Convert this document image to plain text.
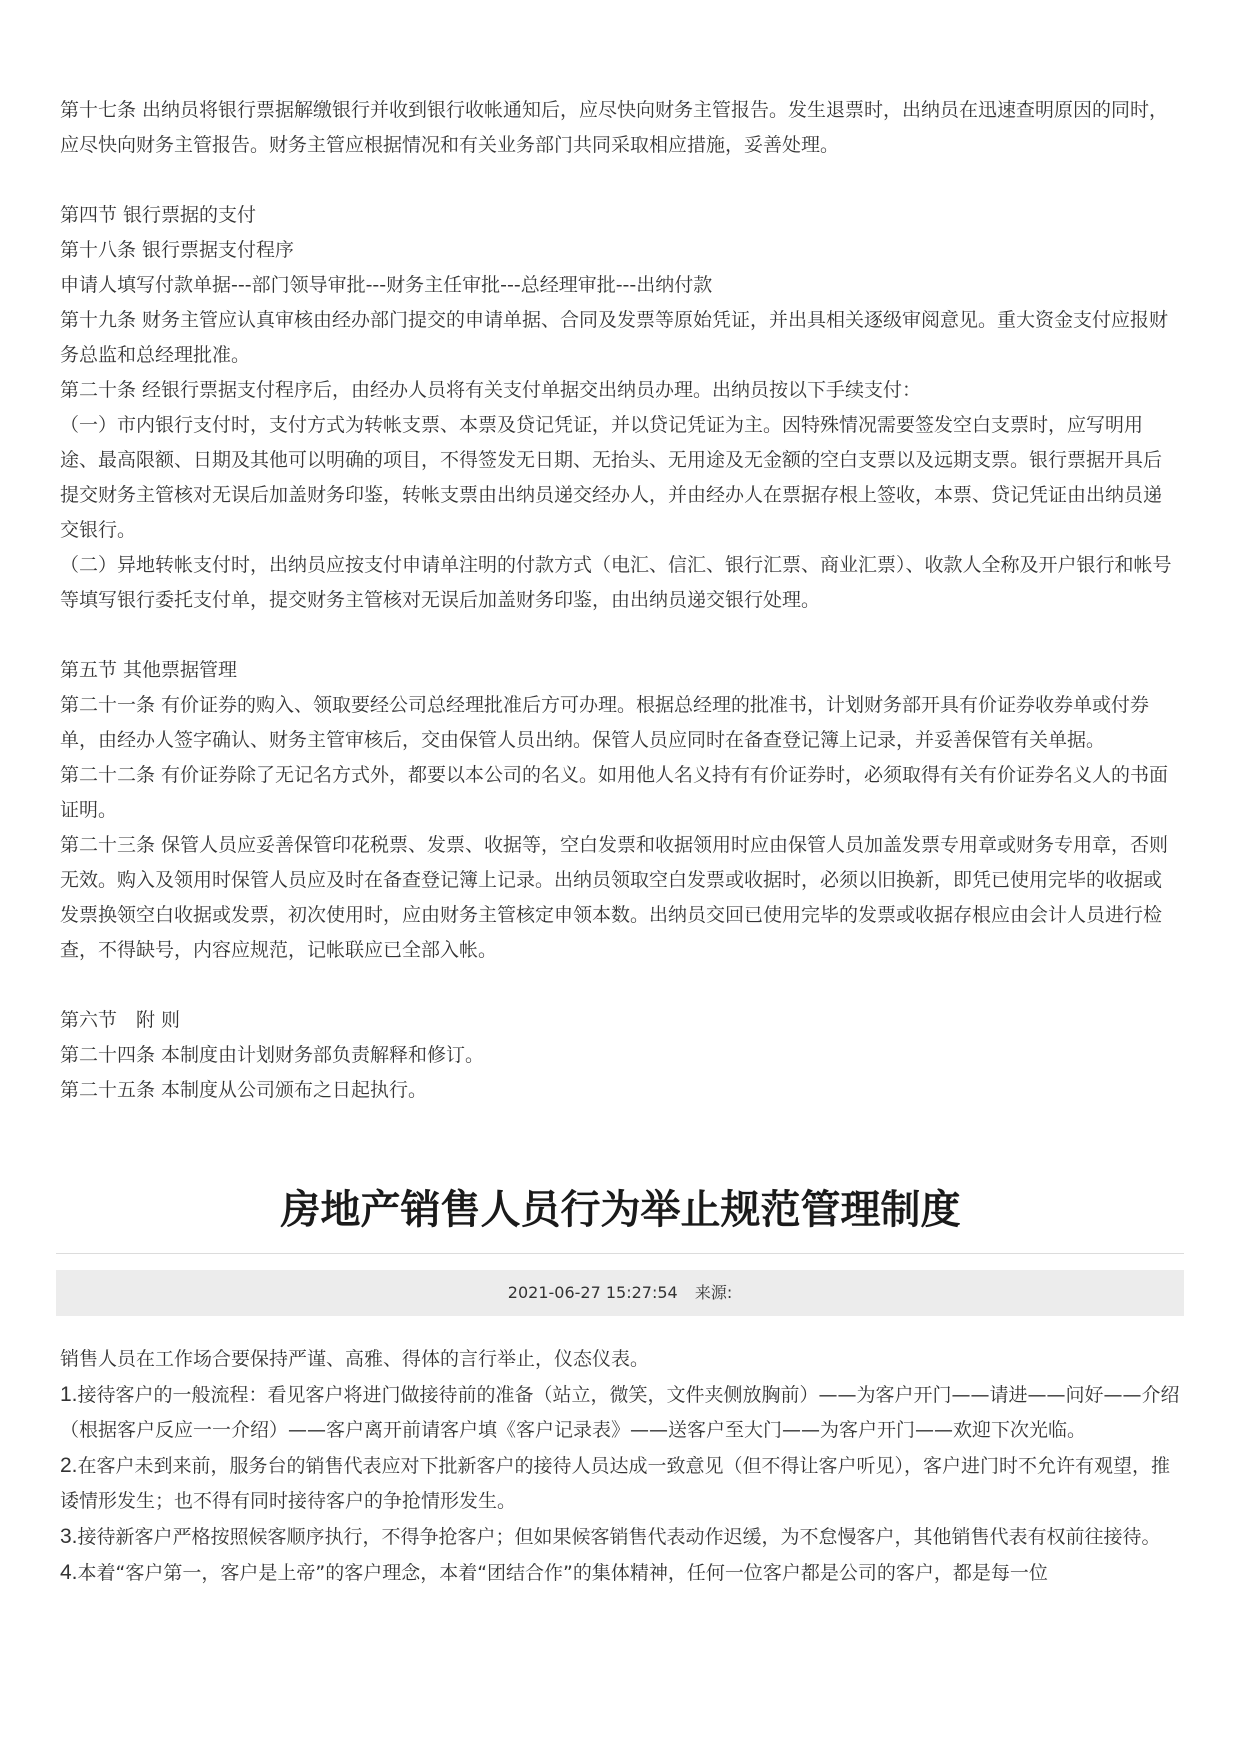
第十七条 出纳员将银行票据解缴银行并收到银行收帐通知后，应尽快向财务主管报告。发生退票时，出纳员在迅速查明原因的同时，应尽快向财务主管报告。财务主管应根据情况和有关业务部门共同采取相应措施，妥善处理。

第四节 银行票据的支付

第十八条 银行票据支付程序

申请人填写付款单据---部门领导审批---财务主任审批---总经理审批---出纳付款

第十九条 财务主管应认真审核由经办部门提交的申请单据、合同及发票等原始凭证，并出具相关逐级审阅意见。重大资金支付应报财务总监和总经理批准。

第二十条 经银行票据支付程序后，由经办人员将有关支付单据交出纳员办理。出纳员按以下手续支付：

（一）市内银行支付时，支付方式为转帐支票、本票及贷记凭证，并以贷记凭证为主。因特殊情况需要签发空白支票时，应写明用途、最高限额、日期及其他可以明确的项目，不得签发无日期、无抬头、无用途及无金额的空白支票以及远期支票。银行票据开具后提交财务主管核对无误后加盖财务印鉴，转帐支票由出纳员递交经办人，并由经办人在票据存根上签收，本票、贷记凭证由出纳员递交银行。

（二）异地转帐支付时，出纳员应按支付申请单注明的付款方式（电汇、信汇、银行汇票、商业汇票）、收款人全称及开户银行和帐号等填写银行委托支付单，提交财务主管核对无误后加盖财务印鉴，由出纳员递交银行处理。

第五节 其他票据管理

第二十一条 有价证券的购入、领取要经公司总经理批准后方可办理。根据总经理的批准书，计划财务部开具有价证券收券单或付券单，由经办人签字确认、财务主管审核后，交由保管人员出纳。保管人员应同时在备查登记簿上记录，并妥善保管有关单据。

第二十二条 有价证券除了无记名方式外，都要以本公司的名义。如用他人名义持有有价证券时，必须取得有关有价证券名义人的书面证明。

第二十三条 保管人员应妥善保管印花税票、发票、收据等，空白发票和收据领用时应由保管人员加盖发票专用章或财务专用章，否则无效。购入及领用时保管人员应及时在备查登记簿上记录。出纳员领取空白发票或收据时，必须以旧换新，即凭已使用完毕的收据或发票换领空白收据或发票，初次使用时，应由财务主管核定申领本数。出纳员交回已使用完毕的发票或收据存根应由会计人员进行检查，不得缺号，内容应规范，记帐联应已全部入帐。

第六节　附 则

第二十四条 本制度由计划财务部负责解释和修订。

第二十五条 本制度从公司颁布之日起执行。

房地产销售人员行为举止规范管理制度
2021-06-27 15:27:54 来源:

销售人员在工作场合要保持严谨、高雅、得体的言行举止，仪态仪表。

1.接待客户的一般流程：看见客户将进门做接待前的准备（站立，微笑，文件夹侧放胸前）——为客户开门——请进——问好——介绍（根据客户反应一一介绍）——客户离开前请客户填《客户记录表》——送客户至大门——为客户开门——欢迎下次光临。

2.在客户未到来前，服务台的销售代表应对下批新客户的接待人员达成一致意见（但不得让客户听见），客户进门时不允许有观望，推诿情形发生；也不得有同时接待客户的争抢情形发生。

3.接待新客户严格按照候客顺序执行，不得争抢客户；但如果候客销售代表动作迟缓，为不怠慢客户，其他销售代表有权前往接待。

4.本着“客户第一，客户是上帝”的客户理念，本着“团结合作”的集体精神，任何一位客户都是公司的客户，都是每一位
